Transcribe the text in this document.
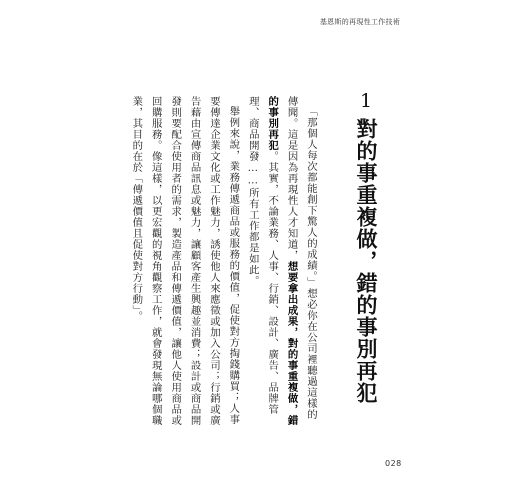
基恩斯的再現性工作技術
1
對的事重複做，錯的事別再犯

「那個人每次都能創下驚人的成績。」想必你在公司裡聽過這樣的傳聞。這是因為再現性人才知道，想要拿出成果，對的事重複做，錯的事別再犯。其實，不論業務、人事、行銷、設計、廣告、品牌管理、商品開發……所有工作都是如此。

舉例來說，業務傳遞商品或服務的價值，促使對方掏錢購買；人事要傳達企業文化或工作魅力，誘使他人來應徵或加入公司；行銷或廣告藉由宣傳商品訊息或魅力，讓顧客產生興趣並消費；設計或商品開發則要配合使用者的需求，製造產品和傳遞價值，讓他人使用商品或回購服務。像這樣，以更宏觀的視角觀察工作，就會發現無論哪個職業，其目的在於「傳遞價值且促使對方行動」。

028
